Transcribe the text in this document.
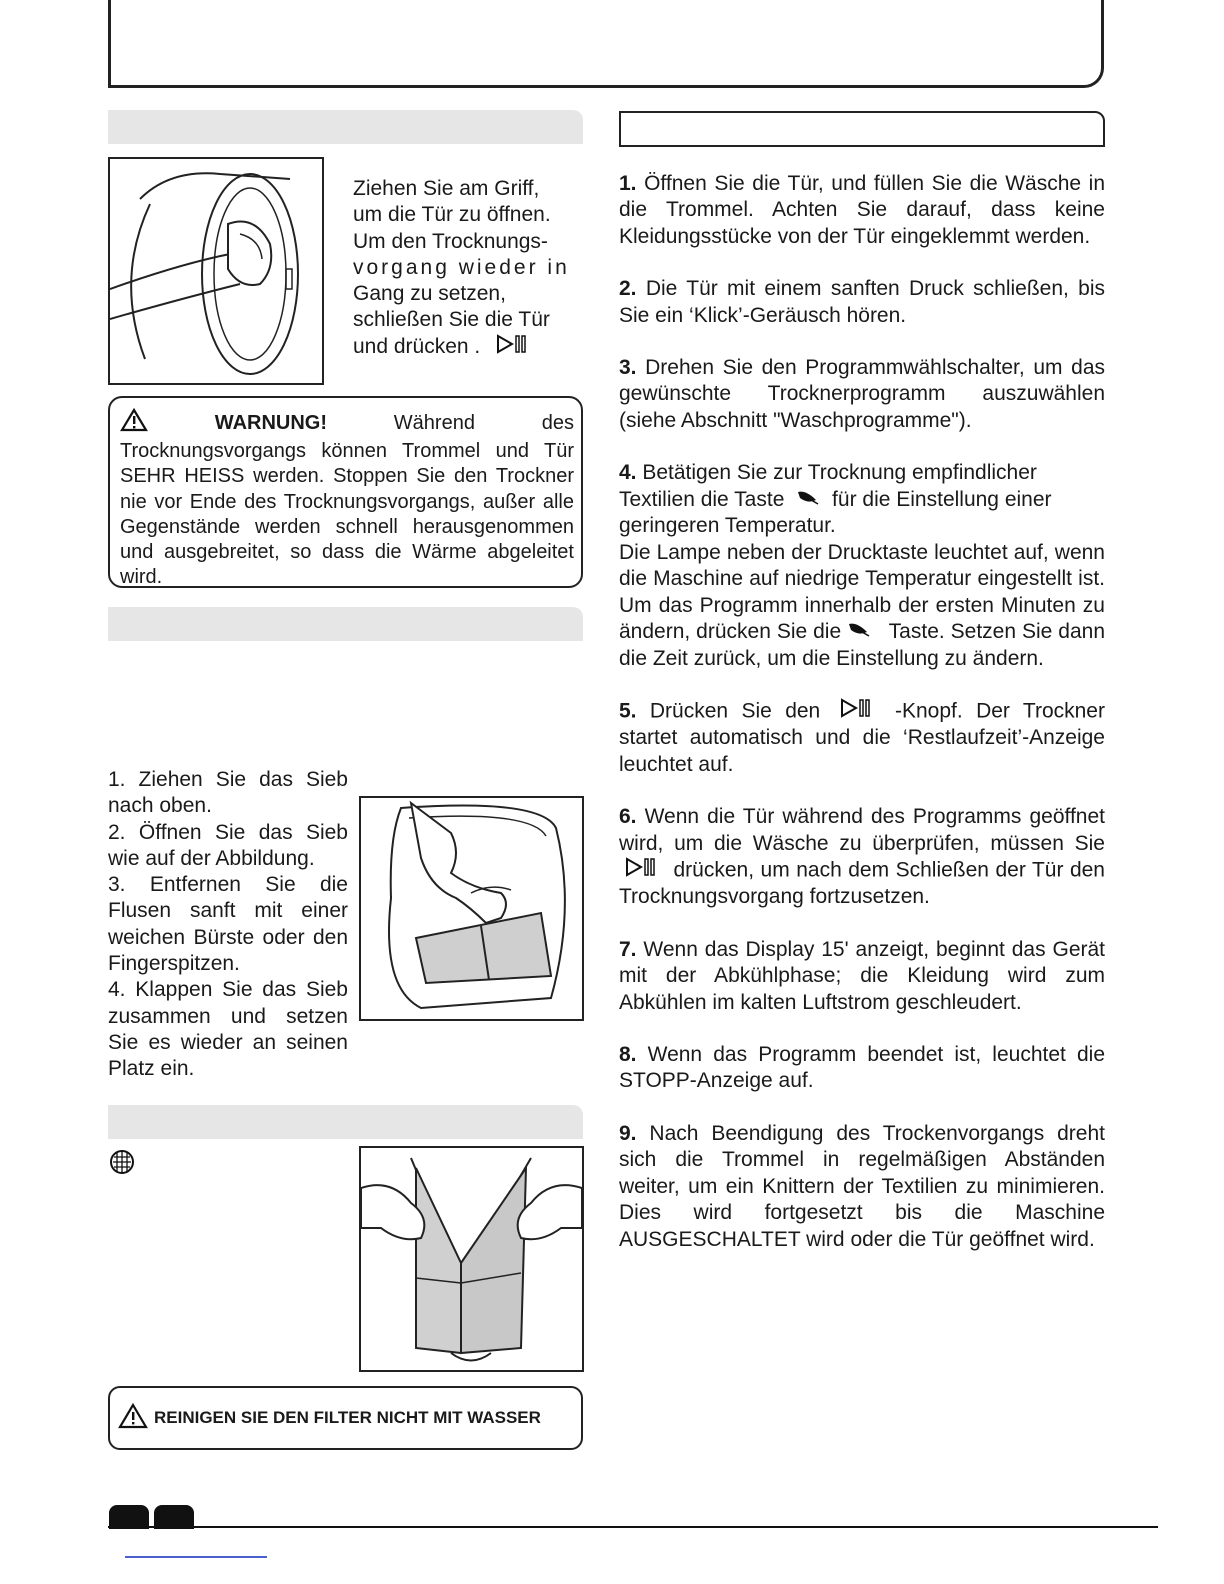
Ziehen Sie am Griff,

um die Tür zu öffnen.

Um den Trocknungs-

vorgang wieder in

Gang zu setzen,

schließen Sie die Tür

und drücken .

WARNUNG! Während des Trocknungsvorgangs können Trommel und Tür SEHR HEISS werden. Stoppen Sie den Trockner nie vor Ende des Trocknungsvorgangs, außer alle Gegenstände werden schnell herausgenommen und ausgebreitet, so dass die Wärme abgeleitet wird.

1. Ziehen Sie das Sieb nach oben.

2. Öffnen Sie das Sieb wie auf der Abbildung.

3. Entfernen Sie die Flusen sanft mit einer weichen Bürste oder den Fingerspitzen.

4. Klappen Sie das Sieb zusammen und setzen Sie es wieder an seinen Platz ein.

REINIGEN SIE DEN FILTER NICHT MIT WASSER

1. Öffnen Sie die Tür, und füllen Sie die Wäsche in die Trommel. Achten Sie darauf, dass keine Kleidungsstücke von der Tür eingeklemmt werden.

2. Die Tür mit einem sanften Druck schließen, bis Sie ein ‘Klick’-Geräusch hören.

3. Drehen Sie den Programmwählschalter, um das gewünschte Trocknerprogramm auszuwählen (siehe Abschnitt "Waschprogramme").

4. Betätigen Sie zur Trocknung empfindlicher Textilien die Taste  für die Einstellung einer geringeren Temperatur.

Die Lampe neben der Drucktaste leuchtet auf, wenn die Maschine auf niedrige Temperatur eingestellt ist. Um das Programm innerhalb der ersten Minuten zu ändern, drücken Sie die  Taste. Setzen Sie dann die Zeit zurück, um die Einstellung zu ändern.

5. Drücken Sie den  -Knopf. Der Trockner startet automatisch und die ‘Restlaufzeit’-Anzeige leuchtet auf.

6. Wenn die Tür während des Programms geöffnet wird, um die Wäsche zu überprüfen, müssen Sie  drücken, um nach dem Schließen der Tür den Trocknungsvorgang fortzusetzen.

7. Wenn das Display 15' anzeigt, beginnt das Gerät mit der Abkühlphase; die Kleidung wird zum Abkühlen im kalten Luftstrom geschleudert.

8. Wenn das Programm beendet ist, leuchtet die STOPP-Anzeige auf.

9. Nach Beendigung des Trockenvorgangs dreht sich die Trommel in regelmäßigen Abständen weiter, um ein Knittern der Textilien zu minimieren. Dies wird fortgesetzt bis die Maschine AUSGESCHALTET wird oder die Tür geöffnet wird.
